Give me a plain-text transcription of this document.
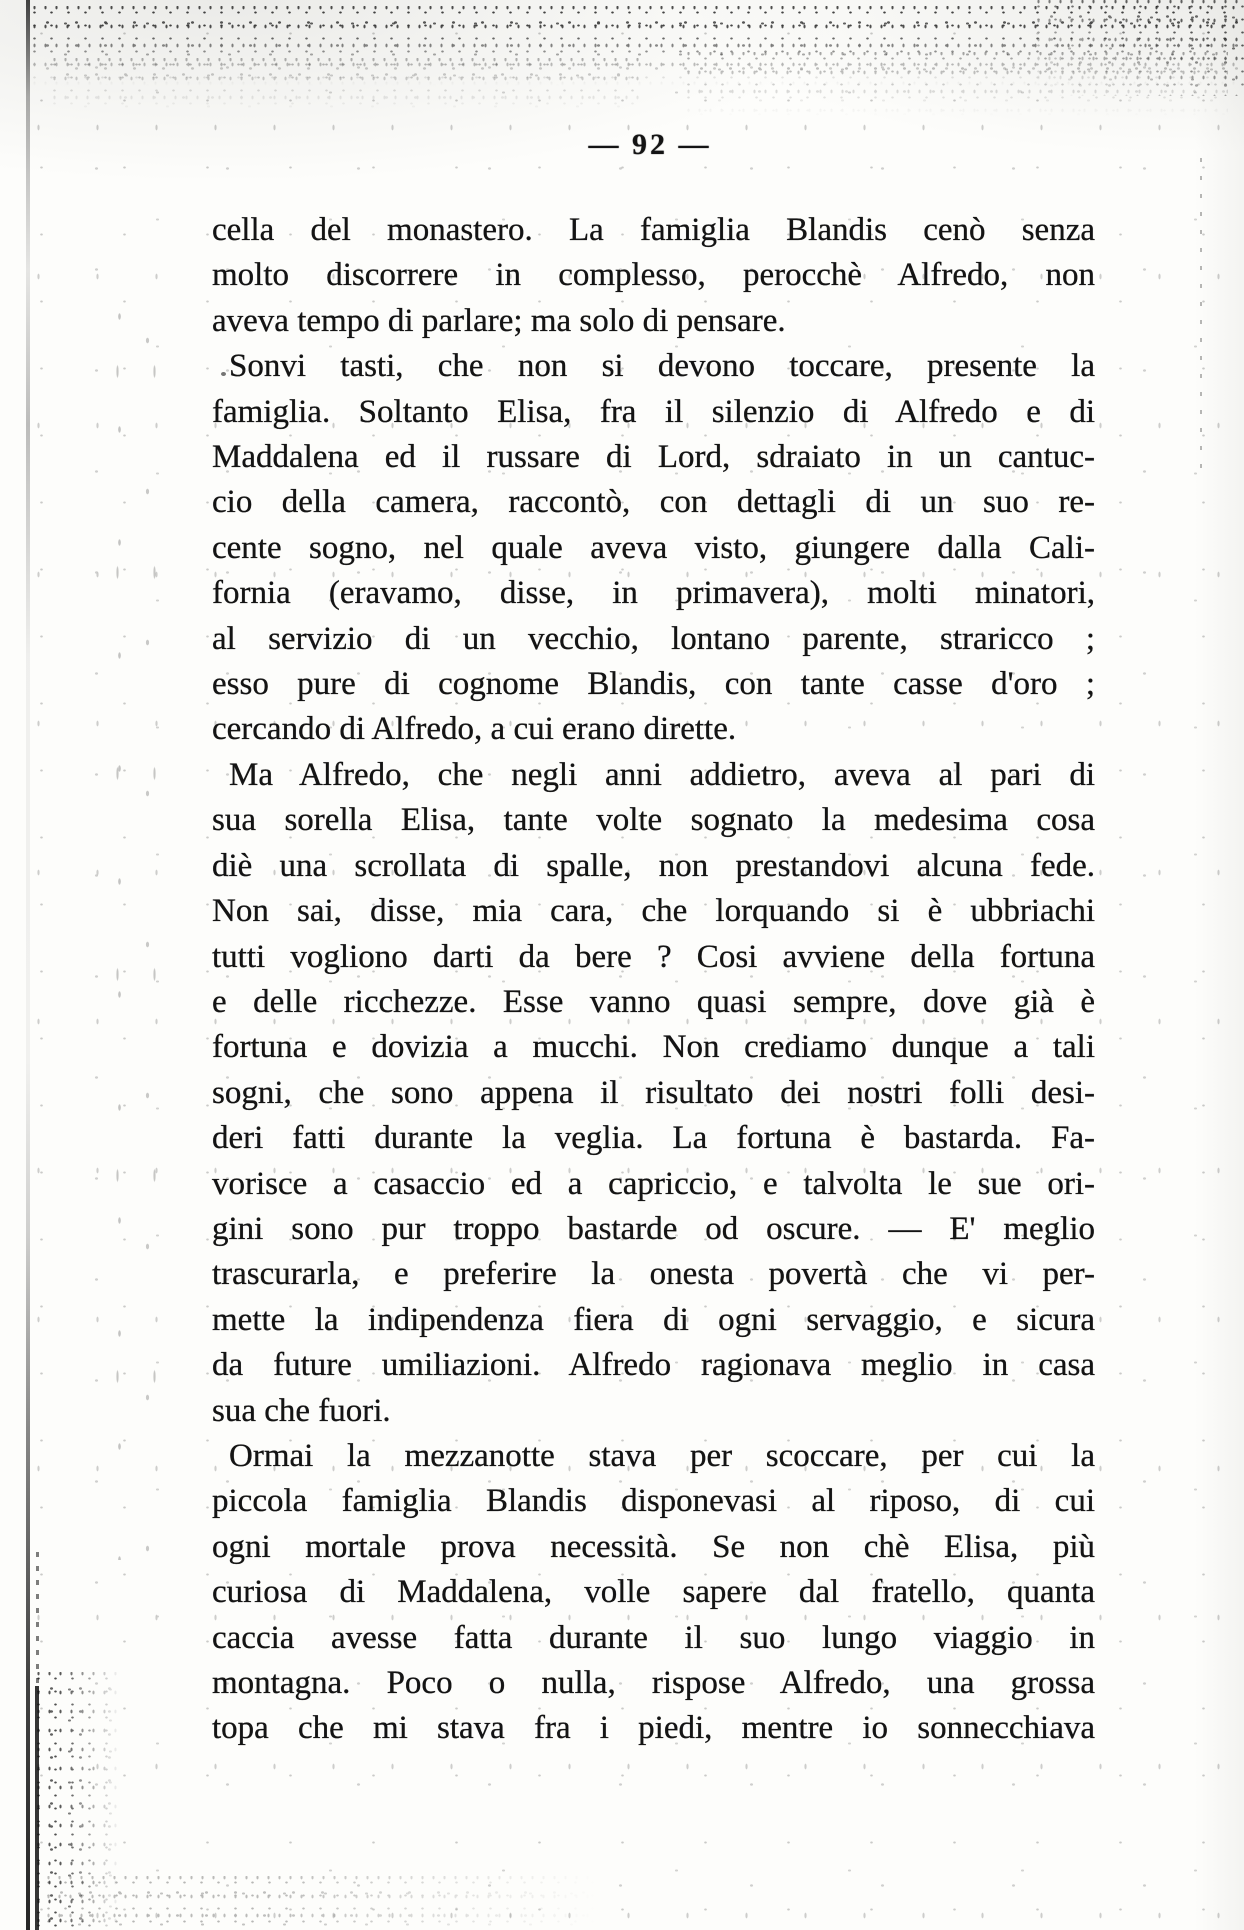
— 92 —
cella del monastero. La famiglia Blandis cenò senza
molto discorrere in complesso, perocchè Alfredo, non
aveva tempo di parlare; ma solo di pensare.
Sonvi tasti, che non si devono toccare, presente la
famiglia. Soltanto Elisa, fra il silenzio di Alfredo e di
Maddalena ed il russare di Lord, sdraiato in un cantuc-
cio della camera, raccontò, con dettagli di un suo re-
cente sogno, nel quale aveva visto, giungere dalla Cali-
fornia (eravamo, disse, in primavera), molti minatori,
al servizio di un vecchio, lontano parente, straricco ;
esso pure di cognome Blandis, con tante casse d'oro ;
cercando di Alfredo, a cui erano dirette.
Ma Alfredo, che negli anni addietro, aveva al pari di
sua sorella Elisa, tante volte sognato la medesima cosa
diè una scrollata di spalle, non prestandovi alcuna fede.
Non sai, disse, mia cara, che lorquando si è ubbriachi
tutti vogliono darti da bere ? Cosi avviene della fortuna
e delle ricchezze. Esse vanno quasi sempre, dove già è
fortuna e dovizia a mucchi. Non crediamo dunque a tali
sogni, che sono appena il risultato dei nostri folli desi-
deri fatti durante la veglia. La fortuna è bastarda. Fa-
vorisce a casaccio ed a capriccio, e talvolta le sue ori-
gini sono pur troppo bastarde od oscure. — E' meglio
trascurarla, e preferire la onesta povertà che vi per-
mette la indipendenza fiera di ogni servaggio, e sicura
da future umiliazioni. Alfredo ragionava meglio in casa
sua che fuori.
Ormai la mezzanotte stava per scoccare, per cui la
piccola famiglia Blandis disponevasi al riposo, di cui
ogni mortale prova necessità. Se non chè Elisa, più
curiosa di Maddalena, volle sapere dal fratello, quanta
caccia avesse fatta durante il suo lungo viaggio in
montagna. Poco o nulla, rispose Alfredo, una grossa
topa che mi stava fra i piedi, mentre io sonnecchiava
